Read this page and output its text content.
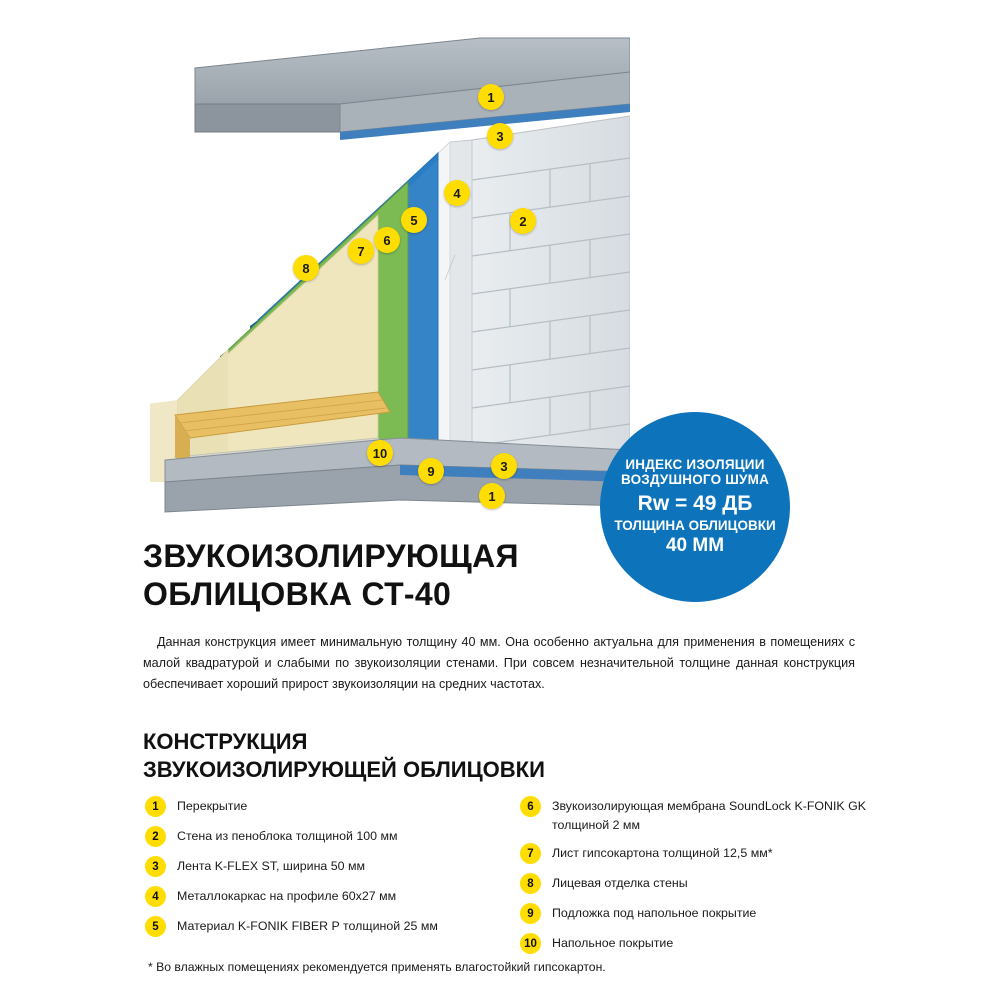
1
3
4
2
5
6
7
8
10
9	3
1
ИНДЕКС ИЗОЛЯЦИИ
ВОЗДУШНОГО ШУМА
Rw = 49 ДБ
ТОЛЩИНА ОБЛИЦОВКИ
40 ММ
ЗВУКОИЗОЛИРУЮЩАЯ
ОБЛИЦОВКА СТ-40
Данная конструкция имеет минимальную толщину 40 мм. Она особенно актуальна для применения в помещениях с малой квадратурой и слабыми по звукоизоляции стенами. При совсем незначительной толщине данная конструкция обеспечивает хороший прирост звукоизоляции на средних частотах.
КОНСТРУКЦИЯ
ЗВУКОИЗОЛИРУЮЩЕЙ ОБЛИЦОВКИ
1	Перекрытие
2	Стена из пеноблока толщиной 100 мм
3	Лента K-FLEX ST, ширина 50 мм
4	Металлокаркас на профиле 60х27 мм
5	Материал K-FONIK FIBER P толщиной 25 мм
6	Звукоизолирующая мембрана SoundLock K-FONIK GK толщиной 2 мм
7	Лист гипсокартона толщиной 12,5 мм*
8	Лицевая отделка стены
9	Подложка под напольное покрытие
10	Напольное покрытие
* Во влажных помещениях рекомендуется применять влагостойкий гипсокартон.
